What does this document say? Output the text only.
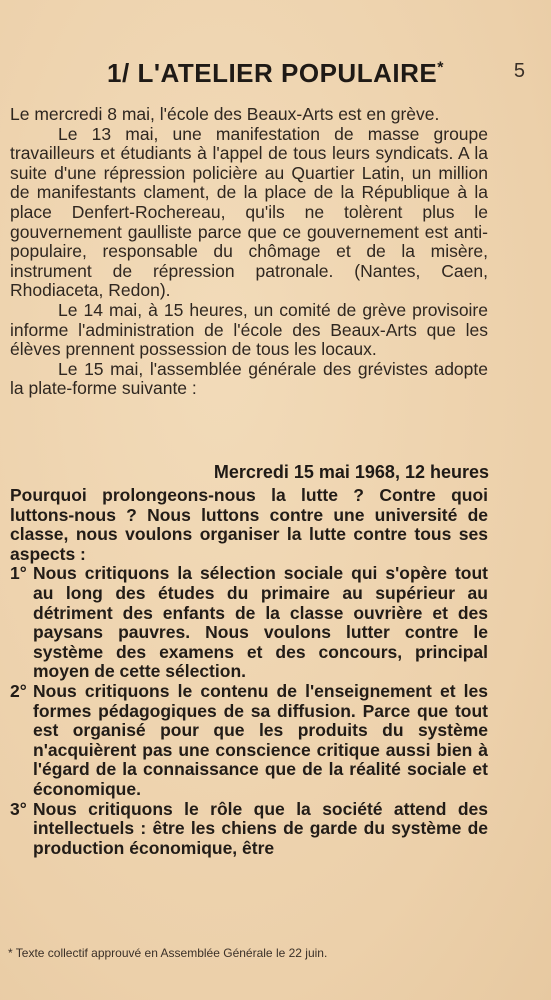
5
1/ L'ATELIER POPULAIRE*

Le mercredi 8 mai, l'école des Beaux-Arts est en grève.

Le 13 mai, une manifestation de masse groupe travailleurs et étudiants à l'appel de tous leurs syndicats. A la suite d'une répression policière au Quartier Latin, un million de manifestants clament, de la place de la République à la place Denfert-Rochereau, qu'ils ne tolèrent plus le gouvernement gaulliste parce que ce gouvernement est anti-populaire, responsable du chômage et de la misère, instrument de répression patronale. (Nantes, Caen, Rhodiaceta, Redon).

Le 14 mai, à 15 heures, un comité de grève provisoire informe l'administration de l'école des Beaux-Arts que les élèves prennent possession de tous les locaux.

Le 15 mai, l'assemblée générale des grévistes adopte la plate-forme suivante :

Mercredi 15 mai 1968, 12 heures

Pourquoi prolongeons-nous la lutte ? Contre quoi luttons-nous ? Nous luttons contre une université de classe, nous voulons organiser la lutte contre tous ses aspects :

1° Nous critiquons la sélection sociale qui s'opère tout au long des études du primaire au supérieur au détriment des enfants de la classe ouvrière et des paysans pauvres. Nous voulons lutter contre le système des examens et des concours, principal moyen de cette sélection.
2° Nous critiquons le contenu de l'enseignement et les formes pédagogiques de sa diffusion. Parce que tout est organisé pour que les produits du système n'acquièrent pas une conscience critique aussi bien à l'égard de la connaissance que de la réalité sociale et économique.
3° Nous critiquons le rôle que la société attend des intellectuels : être les chiens de garde du système de production économique, être
* Texte collectif approuvé en Assemblée Générale le 22 juin.
